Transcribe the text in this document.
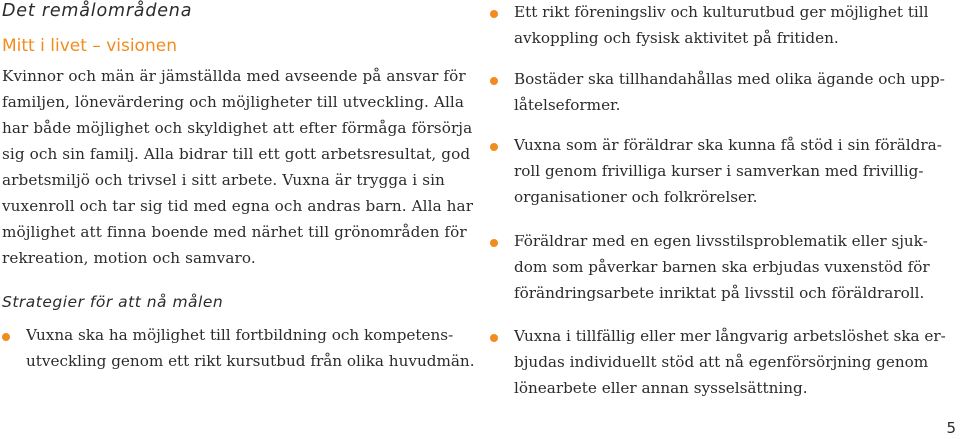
Det remålområdena
Mitt i livet – visionen
Kvinnor och män är jämställda med avseende på ansvar för
familjen, lönevärdering och möjligheter till utveckling. Alla
har både möjlighet och skyldighet att efter förmåga försörja
sig och sin familj. Alla bidrar till ett gott arbetsresultat, god
arbetsmiljö och trivsel i sitt arbete. Vuxna är trygga i sin
vuxenroll och tar sig tid med egna och andras barn. Alla har
möjlighet att finna boende med närhet till grönområden för
rekreation, motion och samvaro.
Strategier för att nå målen
Vuxna ska ha möjlighet till fortbildning och kompetens-
utveckling genom ett rikt kursutbud från olika huvudmän.
Ett rikt föreningsliv och kulturutbud ger möjlighet till
avkoppling och fysisk aktivitet på fritiden.
Bostäder ska tillhandahållas med olika ägande och upp-
låtelseformer.
Vuxna som är föräldrar ska kunna få stöd i sin föräldra-
roll genom frivilliga kurser i samverkan med frivillig-
organisationer och folkrörelser.
Föräldrar med en egen livsstilsproblematik eller sjuk-
dom som påverkar barnen ska erbjudas vuxenstöd för
förändringsarbete inriktat på livsstil och föräldraroll.
Vuxna i tillfällig eller mer långvarig arbetslöshet ska er-
bjudas individuellt stöd att nå egenförsörjning genom
lönearbete eller annan sysselsättning.
5
